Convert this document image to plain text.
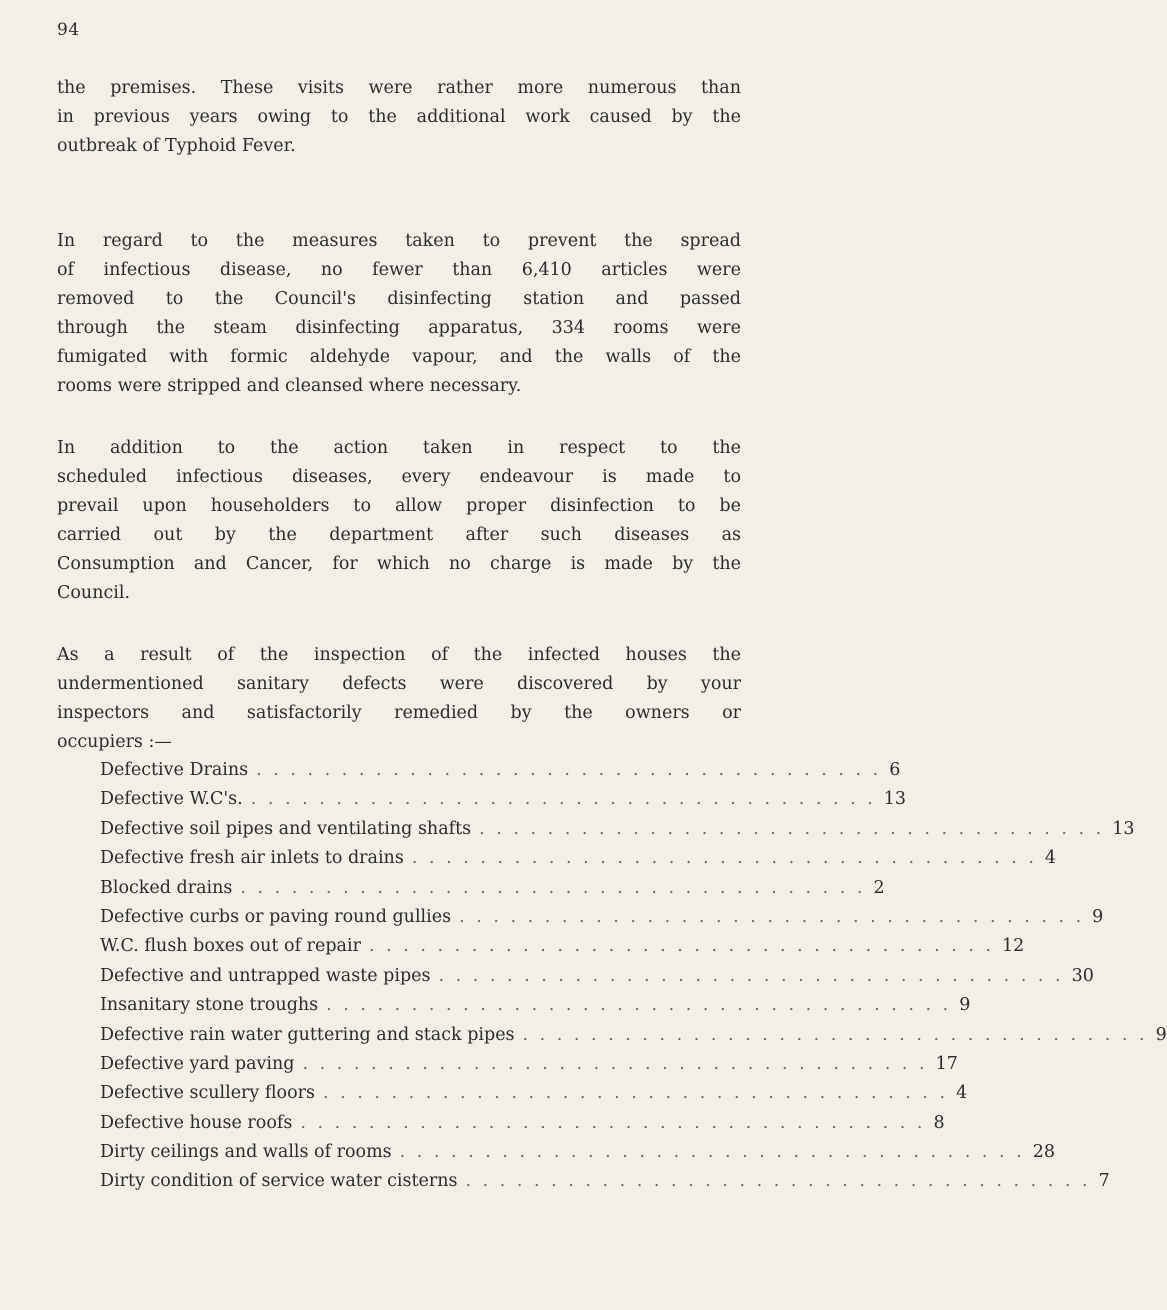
94
the premises. These visits were rather more numerous than
in previous years owing to the additional work caused by the
outbreak of Typhoid Fever.
In regard to the measures taken to prevent the spread
of infectious disease, no fewer than 6,410 articles were
removed to the Council's disinfecting station and passed
through the steam disinfecting apparatus, 334 rooms were
fumigated with formic aldehyde vapour, and the walls of the
rooms were stripped and cleansed where necessary.
In addition to the action taken in respect to the
scheduled infectious diseases, every endeavour is made to
prevail upon householders to allow proper disinfection to be
carried out by the department after such diseases as
Consumption and Cancer, for which no charge is made by the
Council.
As a result of the inspection of the infected houses the
undermentioned sanitary defects were discovered by your
inspectors and satisfactorily remedied by the owners or
occupiers :—
Defective Drains . . . . . . . . . . . . . . . . . . . . . . . . . . . . . . . . . . . . . 6
Defective W.C's. . . . . . . . . . . . . . . . . . . . . . . . . . . . . . . . . . . . . . 13
Defective soil pipes and ventilating shafts . . . . . . . . . . . . . . . . . . . . . . . . . . . . . . . . . . . . . 13
Defective fresh air inlets to drains . . . . . . . . . . . . . . . . . . . . . . . . . . . . . . . . . . . . . 4
Blocked drains . . . . . . . . . . . . . . . . . . . . . . . . . . . . . . . . . . . . . 2
Defective curbs or paving round gullies . . . . . . . . . . . . . . . . . . . . . . . . . . . . . . . . . . . . . 9
W.C. flush boxes out of repair . . . . . . . . . . . . . . . . . . . . . . . . . . . . . . . . . . . . . 12
Defective and untrapped waste pipes . . . . . . . . . . . . . . . . . . . . . . . . . . . . . . . . . . . . . 30
Insanitary stone troughs . . . . . . . . . . . . . . . . . . . . . . . . . . . . . . . . . . . . . 9
Defective rain water guttering and stack pipes . . . . . . . . . . . . . . . . . . . . . . . . . . . . . . . . . . . . . 9
Defective yard paving . . . . . . . . . . . . . . . . . . . . . . . . . . . . . . . . . . . . . 17
Defective scullery floors . . . . . . . . . . . . . . . . . . . . . . . . . . . . . . . . . . . . . 4
Defective house roofs . . . . . . . . . . . . . . . . . . . . . . . . . . . . . . . . . . . . . 8
Dirty ceilings and walls of rooms . . . . . . . . . . . . . . . . . . . . . . . . . . . . . . . . . . . . . 28
Dirty condition of service water cisterns . . . . . . . . . . . . . . . . . . . . . . . . . . . . . . . . . . . . . 7
